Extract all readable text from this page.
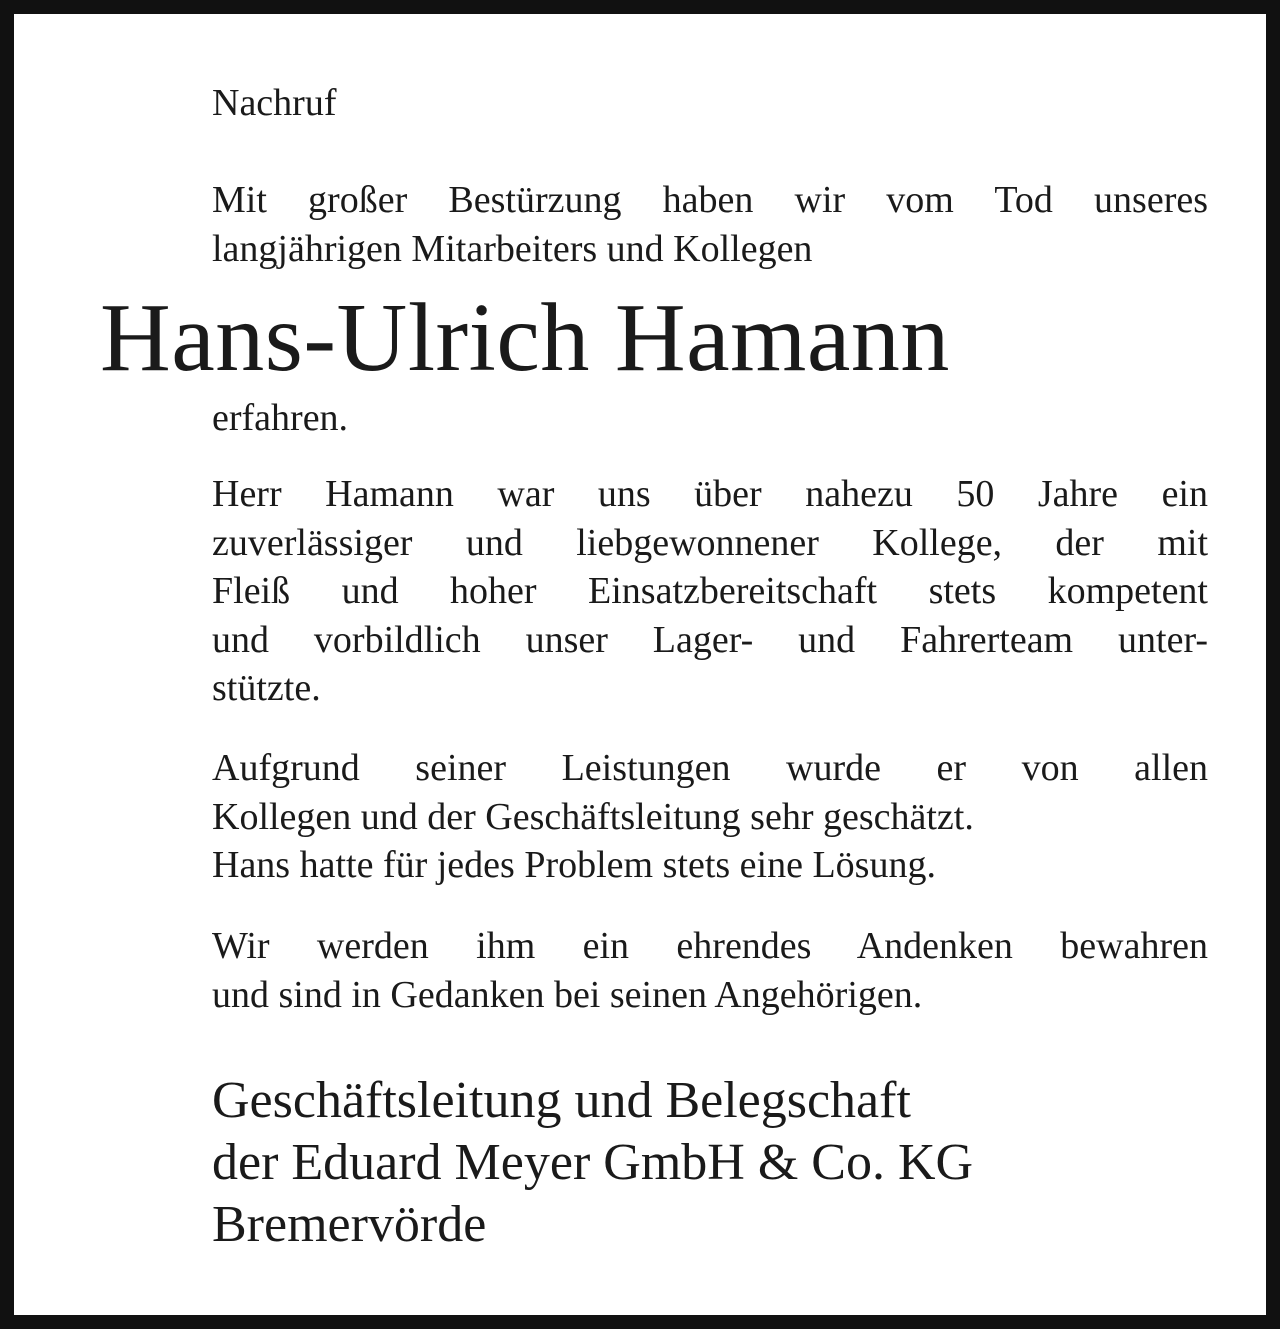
Nachruf
Mit großer Bestürzung haben wir vom Tod unseres
langjährigen Mitarbeiters und Kollegen
Hans-Ulrich Hamann
erfahren.
Herr Hamann war uns über nahezu 50 Jahre ein
zuverlässiger und liebgewonnener Kollege, der mit
Fleiß und hoher Einsatzbereitschaft stets kompetent
und vorbildlich unser Lager- und Fahrerteam unter-
stützte.
Aufgrund seiner Leistungen wurde er von allen
Kollegen und der Geschäftsleitung sehr geschätzt.
Hans hatte für jedes Problem stets eine Lösung.
Wir werden ihm ein ehrendes Andenken bewahren
und sind in Gedanken bei seinen Angehörigen.
Geschäftsleitung und Belegschaft
der Eduard Meyer GmbH & Co. KG
Bremervörde
